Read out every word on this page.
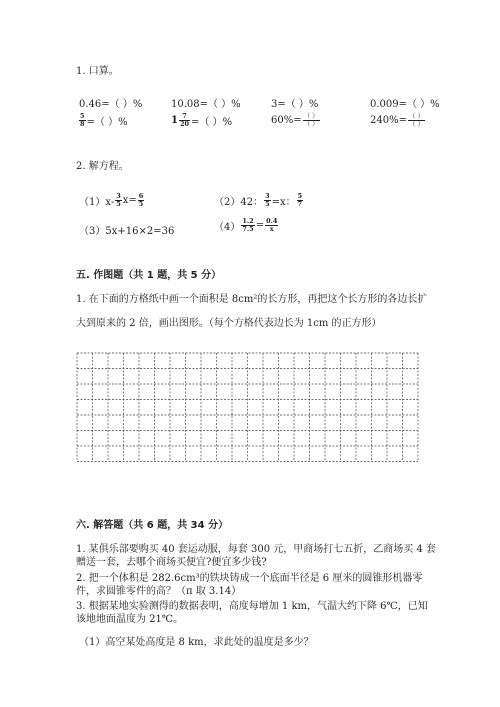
1. 口算。
0.46=（ ）%	10.08=（ ）%	3=（ ）%	0.009=（ ）%
$\frac{5}{8}$ =（ ）%	$1 \frac{7}{20}$ =（ ）%	$60\%= \frac{( )}{( )}$	$240\%= \frac{( )}{( )}$
2. 解方程。
$(1)x- \frac{3}{5} x= \frac{6}{5}$	（2）42： $\frac{3}{5} =x$： $\frac{5}{7}$
（3）5x+16×2=36	$(4) \frac{1.2}{7.5} = \frac{0.4}{x}$
五. 作图题（共 1 题，共 5 分）
1. 在下面的方格纸中画一个面积是 8cm²的长方形，再把这个长方形的各边长扩
大到原来的 2 倍，画出图形。（每个方格代表边长为 1cm 的正方形）
六. 解答题（共 6 题，共 34 分）
1. 某俱乐部要购买 40 套运动服，每套 300 元，甲商场打七五折，乙商场买 4 套
赠送一套，去哪个商场买便宜?便宜多少钱?
2. 把一个体积是 282.6cm³的铁块铸成一个底面半径是 6 厘米的圆锥形机器零
件，求圆锥零件的高？（π 取 3.14）
3. 根据某地实验测得的数据表明，高度每增加 1 km，气温大约下降 6℃，已知
该地地面温度为 21℃。
（1）高空某处高度是 8 km，求此处的温度是多少？
